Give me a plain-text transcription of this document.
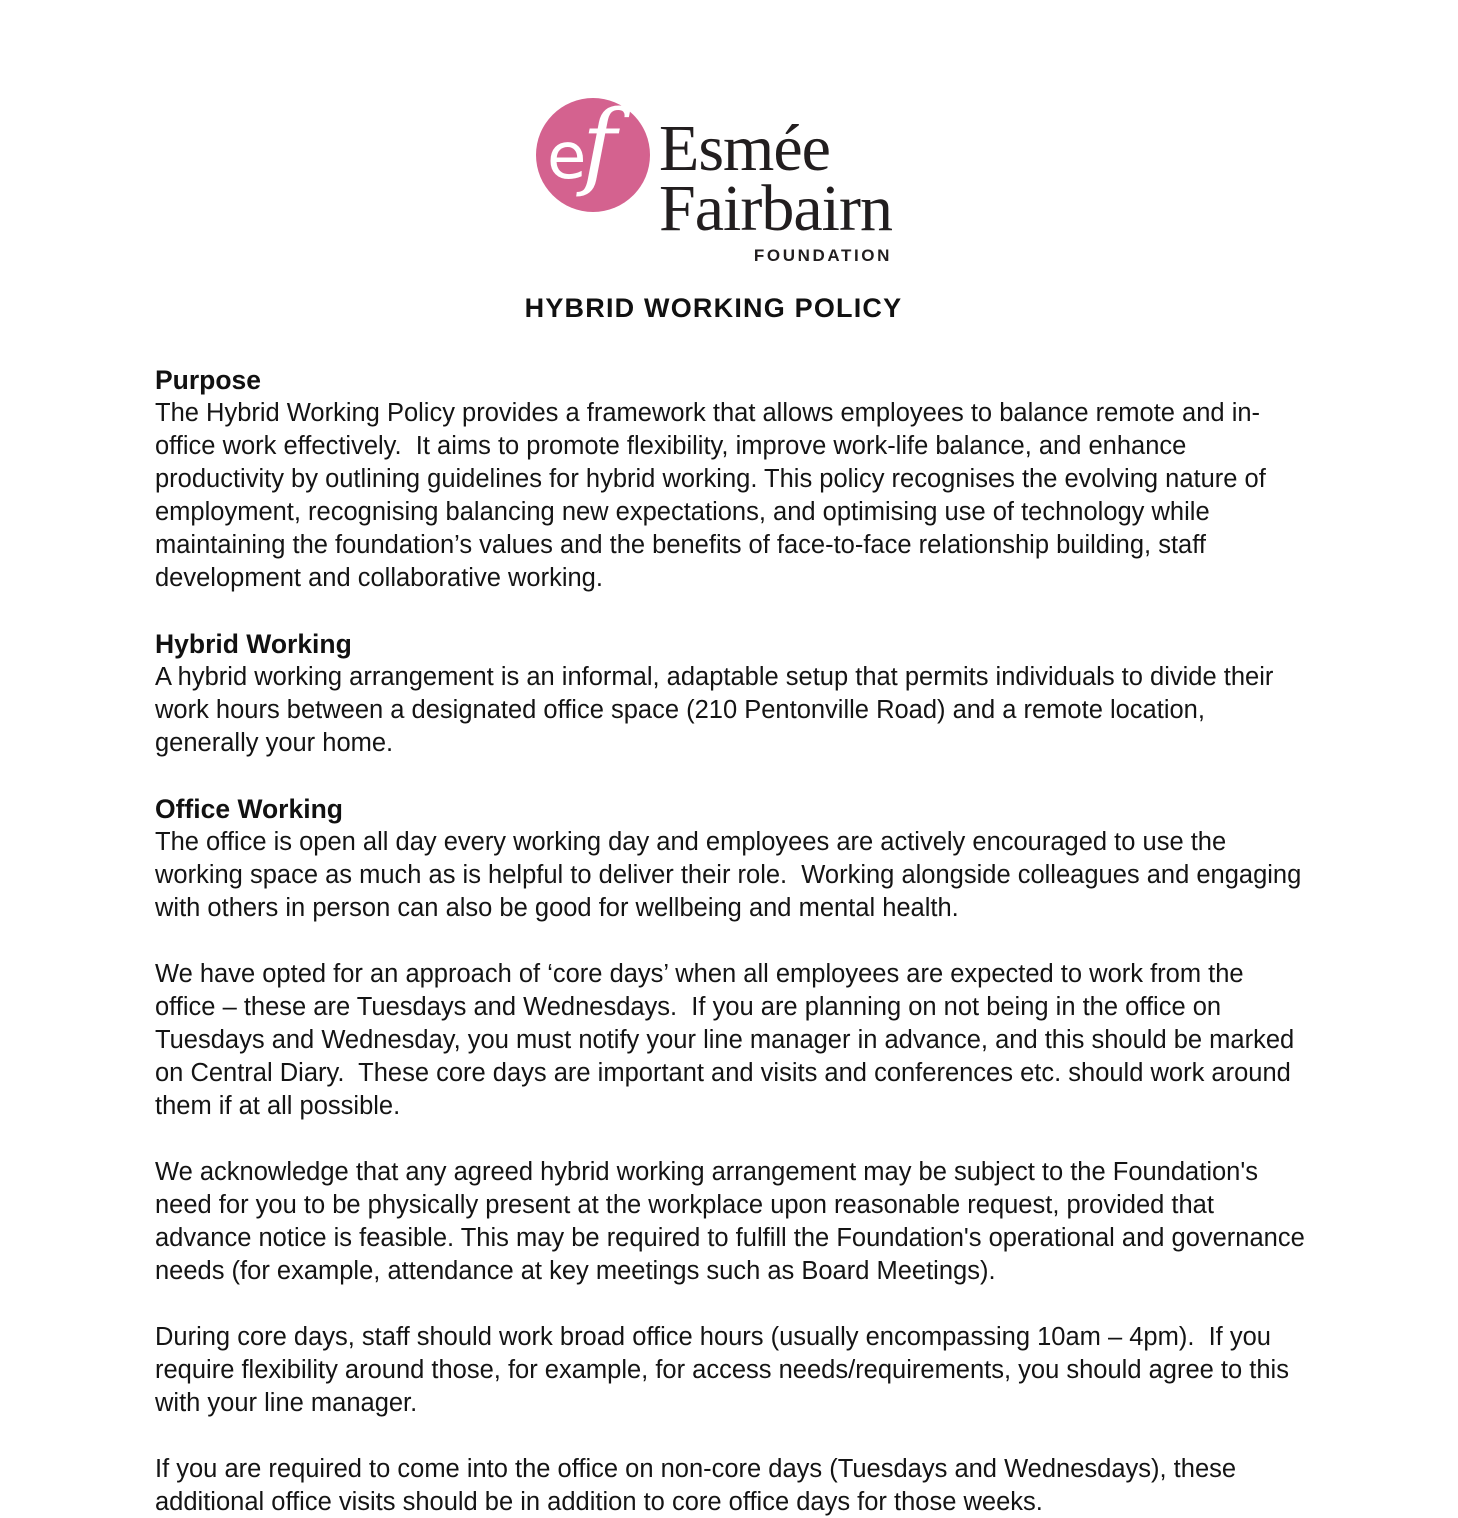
e
f Esmée
Fairbairn
FOUNDATION
HYBRID WORKING POLICY
Purpose

The Hybrid Working Policy provides a framework that allows employees to balance remote and in-office work effectively.  It aims to promote flexibility, improve work-life balance, and enhance productivity by outlining guidelines for hybrid working. This policy recognises the evolving nature of employment, recognising balancing new expectations, and optimising use of technology while maintaining the foundation’s values and the benefits of face-to-face relationship building, staff development and collaborative working.

Hybrid Working

A hybrid working arrangement is an informal, adaptable setup that permits individuals to divide their work hours between a designated office space (210 Pentonville Road) and a remote location, generally your home.

Office Working

The office is open all day every working day and employees are actively encouraged to use the working space as much as is helpful to deliver their role.  Working alongside colleagues and engaging with others in person can also be good for wellbeing and mental health.

We have opted for an approach of ‘core days’ when all employees are expected to work from the office – these are Tuesdays and Wednesdays.  If you are planning on not being in the office on Tuesdays and Wednesday, you must notify your line manager in advance, and this should be marked on Central Diary.  These core days are important and visits and conferences etc. should work around them if at all possible.

We acknowledge that any agreed hybrid working arrangement may be subject to the Foundation's need for you to be physically present at the workplace upon reasonable request, provided that advance notice is feasible. This may be required to fulfill the Foundation's operational and governance needs (for example, attendance at key meetings such as Board Meetings).

During core days, staff should work broad office hours (usually encompassing 10am – 4pm).  If you require flexibility around those, for example, for access needs/requirements, you should agree to this with your line manager.

If you are required to come into the office on non-core days (Tuesdays and Wednesdays), these additional office visits should be in addition to core office days for those weeks.
